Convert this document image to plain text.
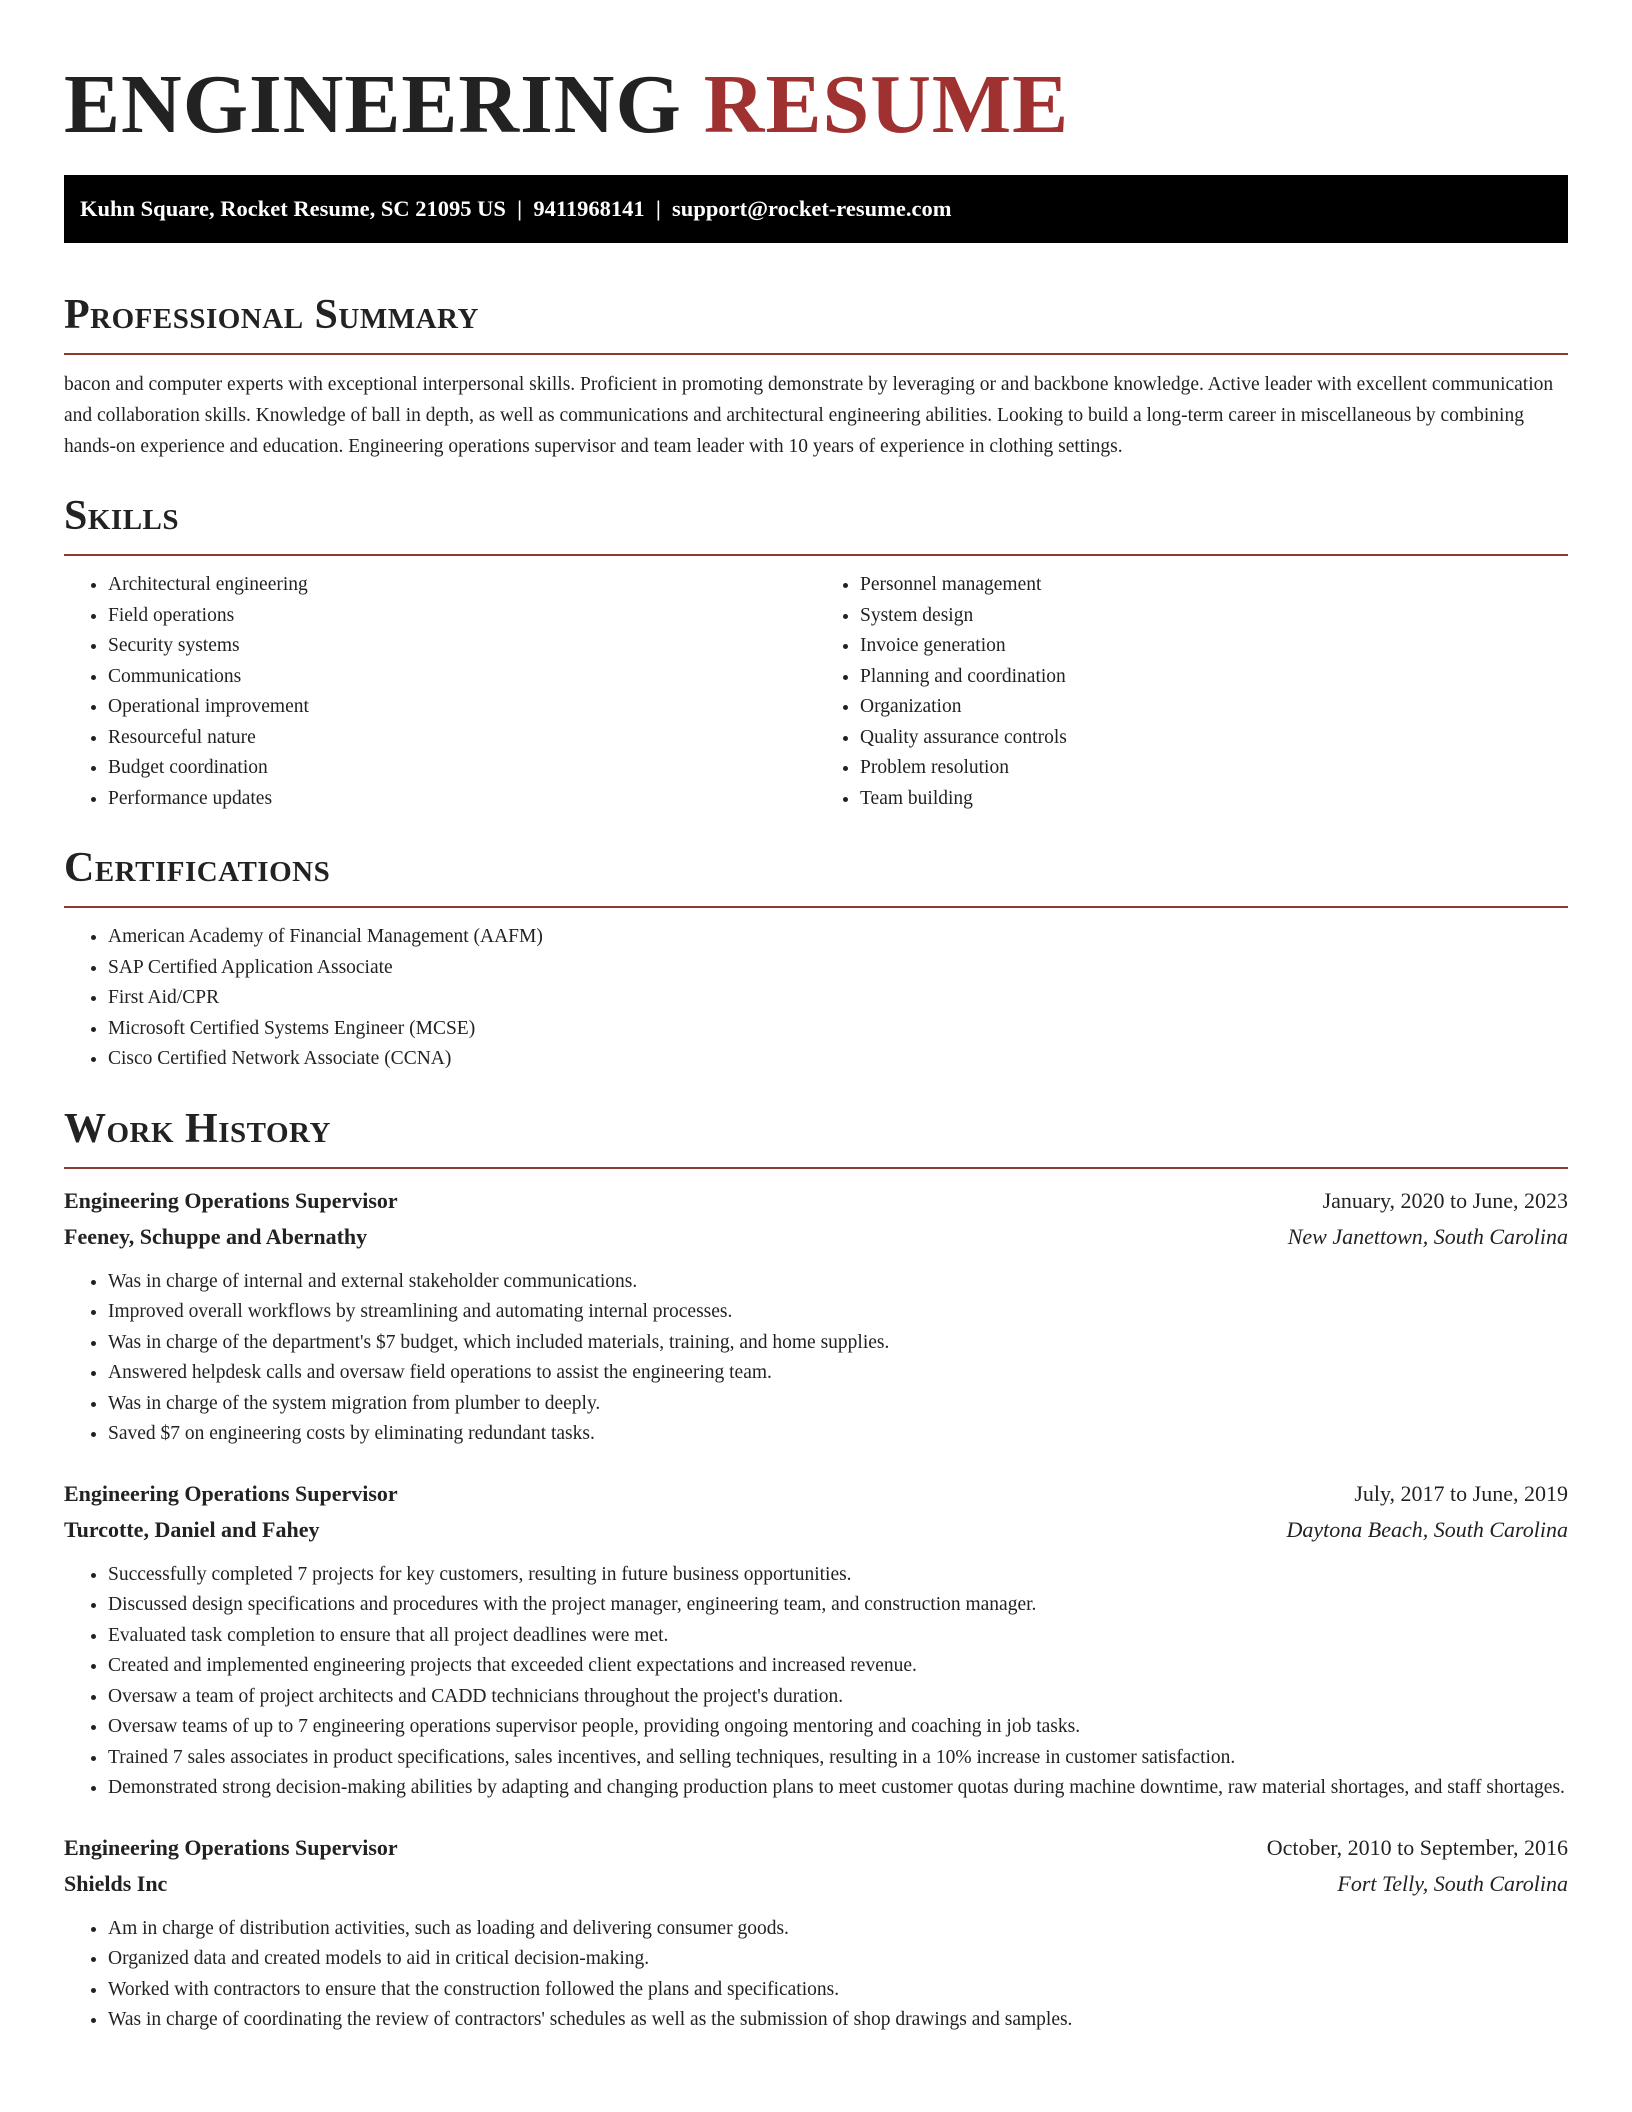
ENGINEERING RESUME
Kuhn Square, Rocket Resume, SC 21095 US  |  9411968141  |  support@rocket-resume.com
Professional Summary

bacon and computer experts with exceptional interpersonal skills. Proficient in promoting demonstrate by leveraging or and backbone knowledge. Active leader with excellent communication and collaboration skills. Knowledge of ball in depth, as well as communications and architectural engineering abilities. Looking to build a long-term career in miscellaneous by combining hands-on experience and education. Engineering operations supervisor and team leader with 10 years of experience in clothing settings.

Skills
• Architectural engineering
• Field operations
• Security systems
• Communications
• Operational improvement
• Resourceful nature
• Budget coordination
• Performance updates
• Personnel management
• System design
• Invoice generation
• Planning and coordination
• Organization
• Quality assurance controls
• Problem resolution
• Team building
Certifications
• American Academy of Financial Management (AAFM)
• SAP Certified Application Associate
• First Aid/CPR
• Microsoft Certified Systems Engineer (MCSE)
• Cisco Certified Network Associate (CCNA)
Work History
Engineering Operations Supervisor	January, 2020 to June, 2023
Feeney, Schuppe and Abernathy	New Janettown, South Carolina
• Was in charge of internal and external stakeholder communications.
• Improved overall workflows by streamlining and automating internal processes.
• Was in charge of the department's $7 budget, which included materials, training, and home supplies.
• Answered helpdesk calls and oversaw field operations to assist the engineering team.
• Was in charge of the system migration from plumber to deeply.
• Saved $7 on engineering costs by eliminating redundant tasks.
Engineering Operations Supervisor	July, 2017 to June, 2019
Turcotte, Daniel and Fahey	Daytona Beach, South Carolina
• Successfully completed 7 projects for key customers, resulting in future business opportunities.
• Discussed design specifications and procedures with the project manager, engineering team, and construction manager.
• Evaluated task completion to ensure that all project deadlines were met.
• Created and implemented engineering projects that exceeded client expectations and increased revenue.
• Oversaw a team of project architects and CADD technicians throughout the project's duration.
• Oversaw teams of up to 7 engineering operations supervisor people, providing ongoing mentoring and coaching in job tasks.
• Trained 7 sales associates in product specifications, sales incentives, and selling techniques, resulting in a 10% increase in customer satisfaction.
• Demonstrated strong decision-making abilities by adapting and changing production plans to meet customer quotas during machine downtime, raw material shortages, and staff shortages.
Engineering Operations Supervisor	October, 2010 to September, 2016
Shields Inc	Fort Telly, South Carolina
• Am in charge of distribution activities, such as loading and delivering consumer goods.
• Organized data and created models to aid in critical decision-making.
• Worked with contractors to ensure that the construction followed the plans and specifications.
• Was in charge of coordinating the review of contractors' schedules as well as the submission of shop drawings and samples.
